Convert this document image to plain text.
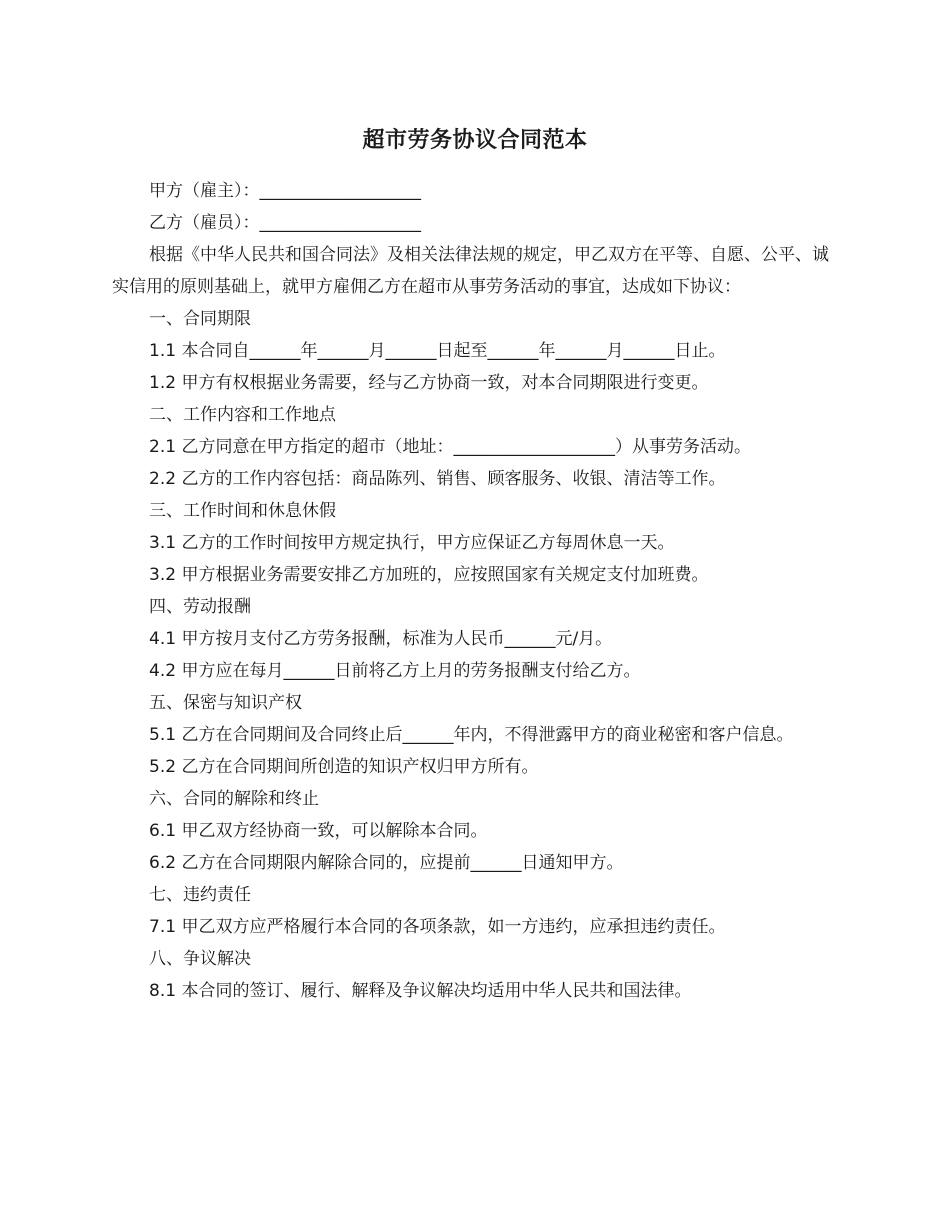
超市劳务协议合同范本

甲方（雇主）：___________________

乙方（雇员）：___________________

根据《中华人民共和国合同法》及相关法律法规的规定，甲乙双方在平等、自愿、公平、诚实信用的原则基础上，就甲方雇佣乙方在超市从事劳务活动的事宜，达成如下协议：

一、合同期限

1.1 本合同自______年______月______日起至______年______月______日止。

1.2 甲方有权根据业务需要，经与乙方协商一致，对本合同期限进行变更。

二、工作内容和工作地点

2.1 乙方同意在甲方指定的超市（地址：___________________）从事劳务活动。

2.2 乙方的工作内容包括：商品陈列、销售、顾客服务、收银、清洁等工作。

三、工作时间和休息休假

3.1 乙方的工作时间按甲方规定执行，甲方应保证乙方每周休息一天。

3.2 甲方根据业务需要安排乙方加班的，应按照国家有关规定支付加班费。

四、劳动报酬

4.1 甲方按月支付乙方劳务报酬，标准为人民币______元/月。

4.2 甲方应在每月______日前将乙方上月的劳务报酬支付给乙方。

五、保密与知识产权

5.1 乙方在合同期间及合同终止后______年内，不得泄露甲方的商业秘密和客户信息。

5.2 乙方在合同期间所创造的知识产权归甲方所有。

六、合同的解除和终止

6.1 甲乙双方经协商一致，可以解除本合同。

6.2 乙方在合同期限内解除合同的，应提前______日通知甲方。

七、违约责任

7.1 甲乙双方应严格履行本合同的各项条款，如一方违约，应承担违约责任。

八、争议解决

8.1 本合同的签订、履行、解释及争议解决均适用中华人民共和国法律。
